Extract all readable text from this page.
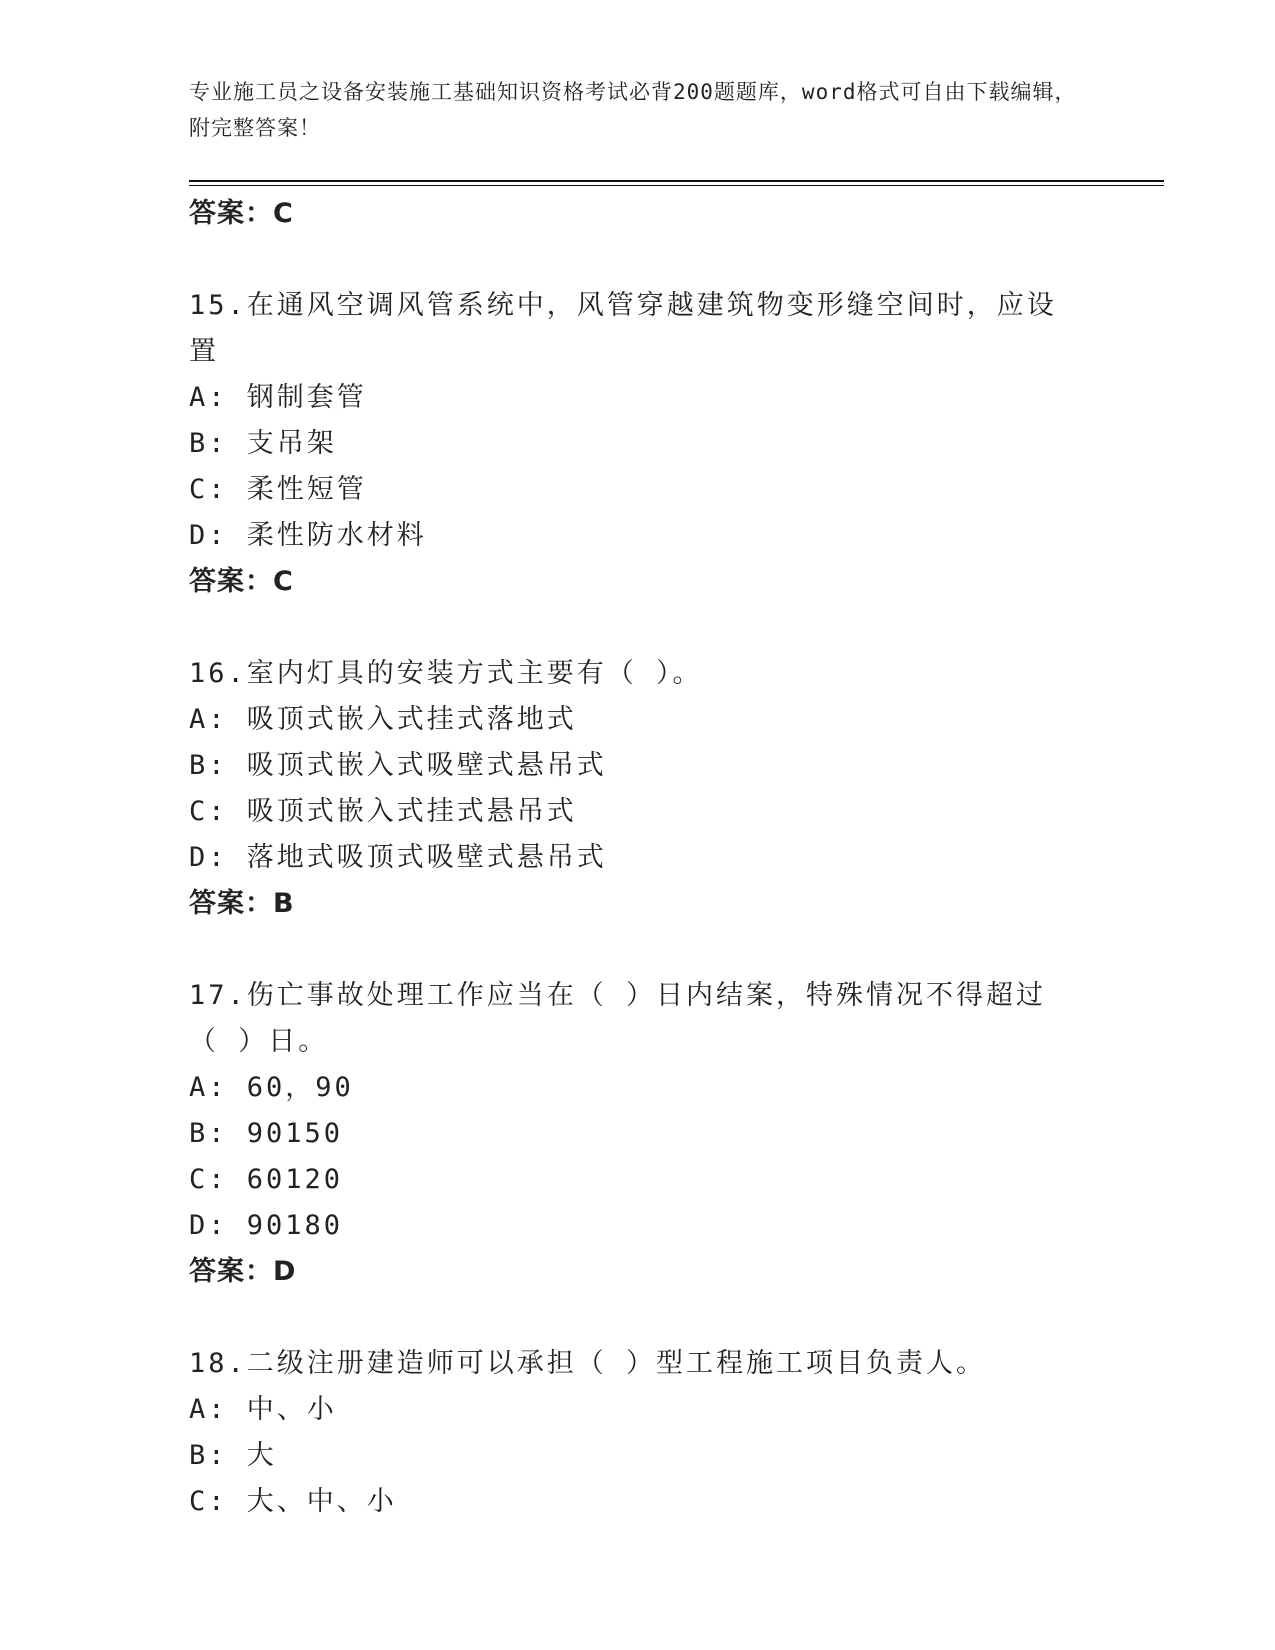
专业施工员之设备安装施工基础知识资格考试必背200题题库，word格式可自由下载编辑，附完整答案！
答案：C
15.在通风空调风管系统中，风管穿越建筑物变形缝空间时，应设置
A: 钢制套管
B: 支吊架
C: 柔性短管
D: 柔性防水材料
答案：C
16.室内灯具的安装方式主要有（ ）。
A: 吸顶式嵌入式挂式落地式
B: 吸顶式嵌入式吸壁式悬吊式
C: 吸顶式嵌入式挂式悬吊式
D: 落地式吸顶式吸壁式悬吊式
答案：B
17.伤亡事故处理工作应当在（ ）日内结案，特殊情况不得超过（ ）日。
A: 60，90
B: 90150
C: 60120
D: 90180
答案：D
18.二级注册建造师可以承担（ ）型工程施工项目负责人。
A: 中、小
B: 大
C: 大、中、小
